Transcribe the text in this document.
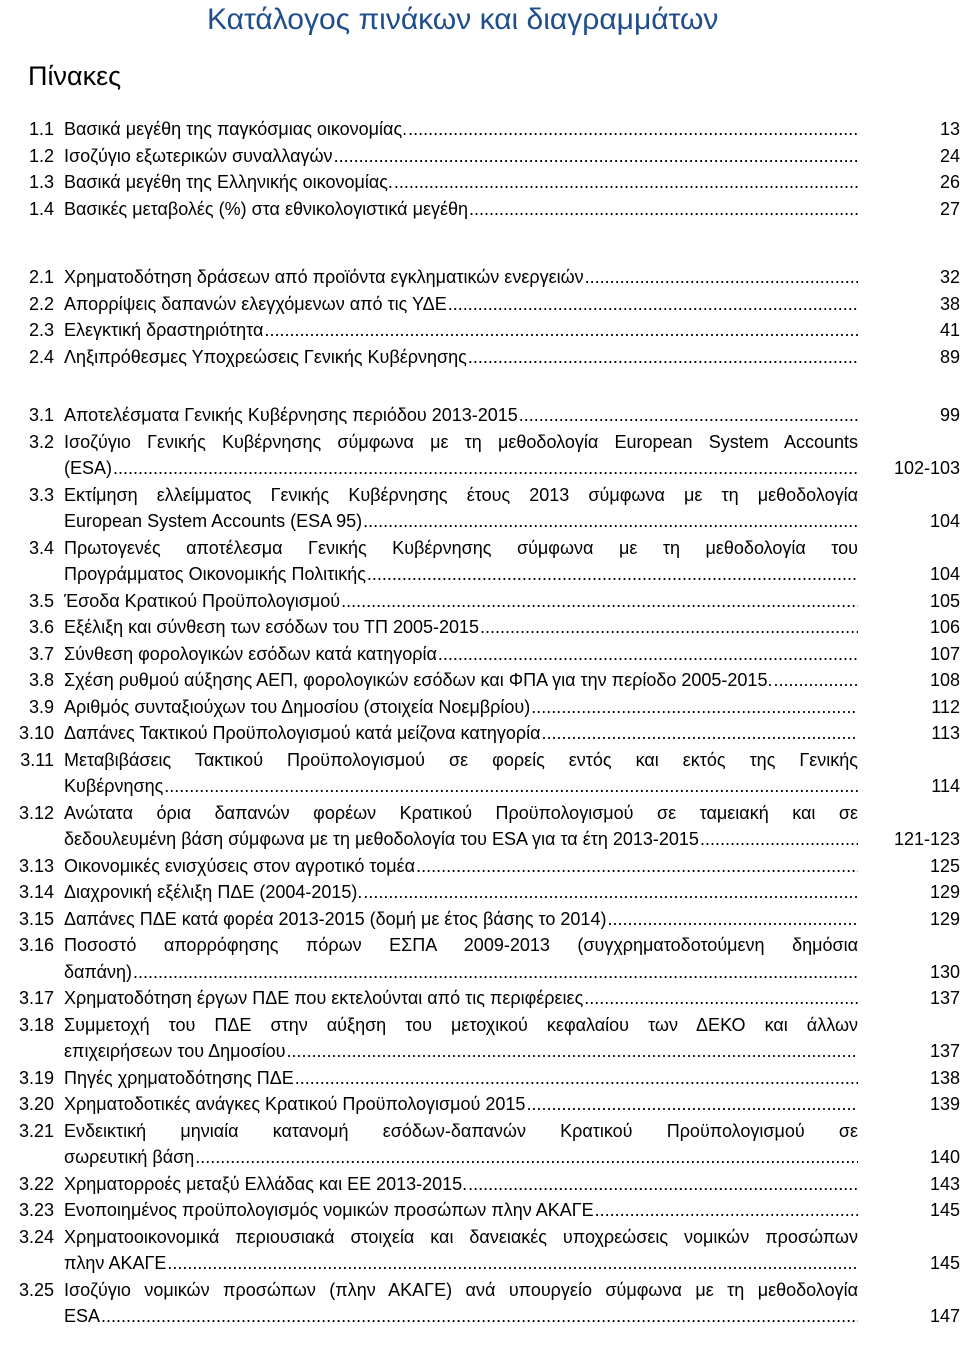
Κατάλογος πινάκων και διαγραμμάτων
Πίνακες
1.1 Βασικά μεγέθη της παγκόσμιας οικονομίας. .....	13
1.2 Ισοζύγιο εξωτερικών συναλλαγών .....	24
1.3 Βασικά μεγέθη της Ελληνικής οικονομίας. .....	26
1.4 Βασικές μεταβολές (%) στα εθνικολογιστικά μεγέθη .....	27
2.1 Χρηματοδότηση δράσεων από προϊόντα εγκληματικών ενεργειών .....	32
2.2 Απορρίψεις δαπανών ελεγχόμενων από τις ΥΔΕ .....	38
2.3 Ελεγκτική δραστηριότητα .....	41
2.4 Ληξιπρόθεσμες Υποχρεώσεις Γενικής Κυβέρνησης .....	89
3.1 Αποτελέσματα Γενικής Κυβέρνησης περιόδου 2013-2015 .....	99
3.2 Ισοζύγιο Γενικής Κυβέρνησης σύμφωνα με τη μεθοδολογία European System Accounts
(ESA) .....	102-103
3.3 Εκτίμηση ελλείμματος Γενικής Κυβέρνησης έτους 2013 σύμφωνα με τη μεθοδολογία
European System Accounts (ESA 95) .....	104
3.4 Πρωτογενές αποτέλεσμα Γενικής Κυβέρνησης σύμφωνα με τη μεθοδολογία του
Προγράμματος Οικονομικής Πολιτικής .....	104
3.5 Έσοδα Κρατικού Προϋπολογισμού .....	105
3.6 Εξέλιξη και σύνθεση των εσόδων του ΤΠ 2005-2015 .....	106
3.7 Σύνθεση φορολογικών εσόδων κατά κατηγορία .....	107
3.8 Σχέση ρυθμού αύξησης ΑΕΠ, φορολογικών εσόδων και ΦΠΑ για την περίοδο 2005-2015. .....	108
3.9 Αριθμός συνταξιούχων του Δημοσίου (στοιχεία Νοεμβρίου) .....	112
3.10 Δαπάνες Τακτικού Προϋπολογισμού κατά μείζονα κατηγορία .....	113
3.11 Μεταβιβάσεις Τακτικού Προϋπολογισμού σε φορείς εντός και εκτός της Γενικής
Κυβέρνησης .....	114
3.12 Ανώτατα όρια δαπανών φορέων Κρατικού Προϋπολογισμού σε ταμειακή και σε
δεδουλευμένη βάση σύμφωνα με τη μεθοδολογία του ESA για τα έτη 2013-2015 .....	121-123
3.13 Οικονομικές ενισχύσεις στον αγροτικό τομέα .....	125
3.14 Διαχρονική εξέλιξη ΠΔΕ (2004-2015). .....	129
3.15 Δαπάνες ΠΔΕ κατά φορέα 2013-2015 (δομή με έτος βάσης το 2014) .....	129
3.16 Ποσοστό απορρόφησης πόρων ΕΣΠΑ 2009-2013 (συγχρηματοδοτούμενη δημόσια
δαπάνη) .....	130
3.17 Χρηματοδότηση έργων ΠΔΕ που εκτελούνται από τις περιφέρειες .....	137
3.18 Συμμετοχή του ΠΔΕ στην αύξηση του μετοχικού κεφαλαίου των ΔΕΚΟ και άλλων
επιχειρήσεων του Δημοσίου .....	137
3.19 Πηγές χρηματοδότησης ΠΔΕ .....	138
3.20 Χρηματοδοτικές ανάγκες Κρατικού Προϋπολογισμού 2015 .....	139
3.21 Ενδεικτική μηνιαία κατανομή εσόδων-δαπανών Κρατικού Προϋπολογισμού σε
σωρευτική βάση .....	140
3.22 Χρηματορροές μεταξύ Ελλάδας και ΕΕ 2013-2015. .....	143
3.23 Ενοποιημένος προϋπολογισμός νομικών προσώπων πλην ΑΚΑΓΕ .....	145
3.24 Χρηματοοικονομικά περιουσιακά στοιχεία και δανειακές υποχρεώσεις νομικών προσώπων
πλην ΑΚΑΓΕ .....	145
3.25 Ισοζύγιο νομικών προσώπων (πλην ΑΚΑΓΕ) ανά υπουργείο σύμφωνα με τη μεθοδολογία
ESA .....	147
